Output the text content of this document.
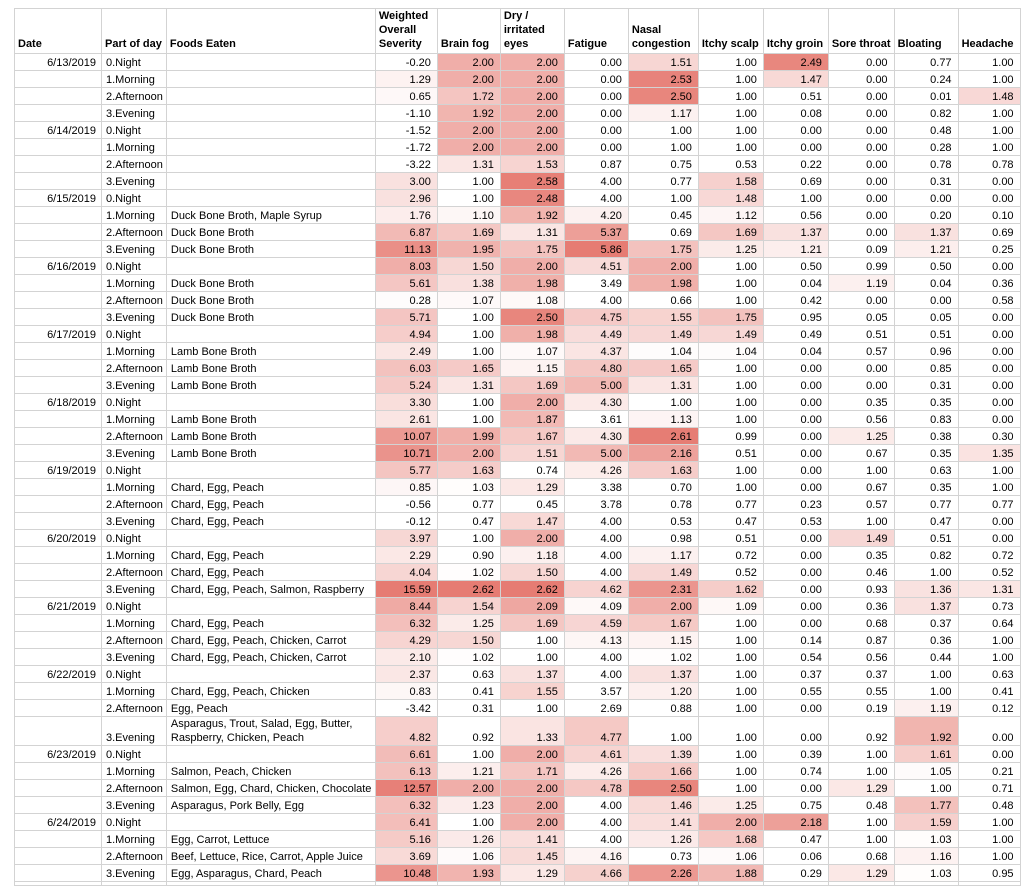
Date	Part of day	Foods Eaten	Weighted Overall Severity	Brain fog	Dry / irritated eyes	Fatigue	Nasal congestion	Itchy scalp	Itchy groin	Sore throat	Bloating	Headache
6/13/2019	0.Night		-0.20	2.00	2.00	0.00	1.51	1.00	2.49	0.00	0.77	1.00
	1.Morning		1.29	2.00	2.00	0.00	2.53	1.00	1.47	0.00	0.24	1.00
	2.Afternoon		0.65	1.72	2.00	0.00	2.50	1.00	0.51	0.00	0.01	1.48
	3.Evening		-1.10	1.92	2.00	0.00	1.17	1.00	0.08	0.00	0.82	1.00
6/14/2019	0.Night		-1.52	2.00	2.00	0.00	1.00	1.00	0.00	0.00	0.48	1.00
	1.Morning		-1.72	2.00	2.00	0.00	1.00	1.00	0.00	0.00	0.28	1.00
	2.Afternoon		-3.22	1.31	1.53	0.87	0.75	0.53	0.22	0.00	0.78	0.78
	3.Evening		3.00	1.00	2.58	4.00	0.77	1.58	0.69	0.00	0.31	0.00
6/15/2019	0.Night		2.96	1.00	2.48	4.00	1.00	1.48	1.00	0.00	0.00	0.00
	1.Morning	Duck Bone Broth, Maple Syrup	1.76	1.10	1.92	4.20	0.45	1.12	0.56	0.00	0.20	0.10
	2.Afternoon	Duck Bone Broth	6.87	1.69	1.31	5.37	0.69	1.69	1.37	0.00	1.37	0.69
	3.Evening	Duck Bone Broth	11.13	1.95	1.75	5.86	1.75	1.25	1.21	0.09	1.21	0.25
6/16/2019	0.Night		8.03	1.50	2.00	4.51	2.00	1.00	0.50	0.99	0.50	0.00
	1.Morning	Duck Bone Broth	5.61	1.38	1.98	3.49	1.98	1.00	0.04	1.19	0.04	0.36
	2.Afternoon	Duck Bone Broth	0.28	1.07	1.08	4.00	0.66	1.00	0.42	0.00	0.00	0.58
	3.Evening	Duck Bone Broth	5.71	1.00	2.50	4.75	1.55	1.75	0.95	0.05	0.05	0.00
6/17/2019	0.Night		4.94	1.00	1.98	4.49	1.49	1.49	0.49	0.51	0.51	0.00
	1.Morning	Lamb Bone Broth	2.49	1.00	1.07	4.37	1.04	1.04	0.04	0.57	0.96	0.00
	2.Afternoon	Lamb Bone Broth	6.03	1.65	1.15	4.80	1.65	1.00	0.00	0.00	0.85	0.00
	3.Evening	Lamb Bone Broth	5.24	1.31	1.69	5.00	1.31	1.00	0.00	0.00	0.31	0.00
6/18/2019	0.Night		3.30	1.00	2.00	4.30	1.00	1.00	0.00	0.35	0.35	0.00
	1.Morning	Lamb Bone Broth	2.61	1.00	1.87	3.61	1.13	1.00	0.00	0.56	0.83	0.00
	2.Afternoon	Lamb Bone Broth	10.07	1.99	1.67	4.30	2.61	0.99	0.00	1.25	0.38	0.30
	3.Evening	Lamb Bone Broth	10.71	2.00	1.51	5.00	2.16	0.51	0.00	0.67	0.35	1.35
6/19/2019	0.Night		5.77	1.63	0.74	4.26	1.63	1.00	0.00	1.00	0.63	1.00
	1.Morning	Chard, Egg, Peach	0.85	1.03	1.29	3.38	0.70	1.00	0.00	0.67	0.35	1.00
	2.Afternoon	Chard, Egg, Peach	-0.56	0.77	0.45	3.78	0.78	0.77	0.23	0.57	0.77	0.77
	3.Evening	Chard, Egg, Peach	-0.12	0.47	1.47	4.00	0.53	0.47	0.53	1.00	0.47	0.00
6/20/2019	0.Night		3.97	1.00	2.00	4.00	0.98	0.51	0.00	1.49	0.51	0.00
	1.Morning	Chard, Egg, Peach	2.29	0.90	1.18	4.00	1.17	0.72	0.00	0.35	0.82	0.72
	2.Afternoon	Chard, Egg, Peach	4.04	1.02	1.50	4.00	1.49	0.52	0.00	0.46	1.00	0.52
	3.Evening	Chard, Egg, Peach, Salmon, Raspberry	15.59	2.62	2.62	4.62	2.31	1.62	0.00	0.93	1.36	1.31
6/21/2019	0.Night		8.44	1.54	2.09	4.09	2.00	1.09	0.00	0.36	1.37	0.73
	1.Morning	Chard, Egg, Peach	6.32	1.25	1.69	4.59	1.67	1.00	0.00	0.68	0.37	0.64
	2.Afternoon	Chard, Egg, Peach, Chicken, Carrot	4.29	1.50	1.00	4.13	1.15	1.00	0.14	0.87	0.36	1.00
	3.Evening	Chard, Egg, Peach, Chicken, Carrot	2.10	1.02	1.00	4.00	1.02	1.00	0.54	0.56	0.44	1.00
6/22/2019	0.Night		2.37	0.63	1.37	4.00	1.37	1.00	0.37	0.37	1.00	0.63
	1.Morning	Chard, Egg, Peach, Chicken	0.83	0.41	1.55	3.57	1.20	1.00	0.55	0.55	1.00	0.41
	2.Afternoon	Egg, Peach	-3.42	0.31	1.00	2.69	0.88	1.00	0.00	0.19	1.19	0.12
	3.Evening	Asparagus, Trout, Salad, Egg, Butter, Raspberry, Chicken, Peach	4.82	0.92	1.33	4.77	1.00	1.00	0.00	0.92	1.92	0.00
6/23/2019	0.Night		6.61	1.00	2.00	4.61	1.39	1.00	0.39	1.00	1.61	0.00
	1.Morning	Salmon, Peach, Chicken	6.13	1.21	1.71	4.26	1.66	1.00	0.74	1.00	1.05	0.21
	2.Afternoon	Salmon, Egg, Chard, Chicken, Chocolate	12.57	2.00	2.00	4.78	2.50	1.00	0.00	1.29	1.00	0.71
	3.Evening	Asparagus, Pork Belly, Egg	6.32	1.23	2.00	4.00	1.46	1.25	0.75	0.48	1.77	0.48
6/24/2019	0.Night		6.41	1.00	2.00	4.00	1.41	2.00	2.18	1.00	1.59	1.00
	1.Morning	Egg, Carrot, Lettuce	5.16	1.26	1.41	4.00	1.26	1.68	0.47	1.00	1.03	1.00
	2.Afternoon	Beef, Lettuce, Rice, Carrot, Apple Juice	3.69	1.06	1.45	4.16	0.73	1.06	0.06	0.68	1.16	1.00
	3.Evening	Egg, Asparagus, Chard, Peach	10.48	1.93	1.29	4.66	2.26	1.88	0.29	1.29	1.03	0.95
